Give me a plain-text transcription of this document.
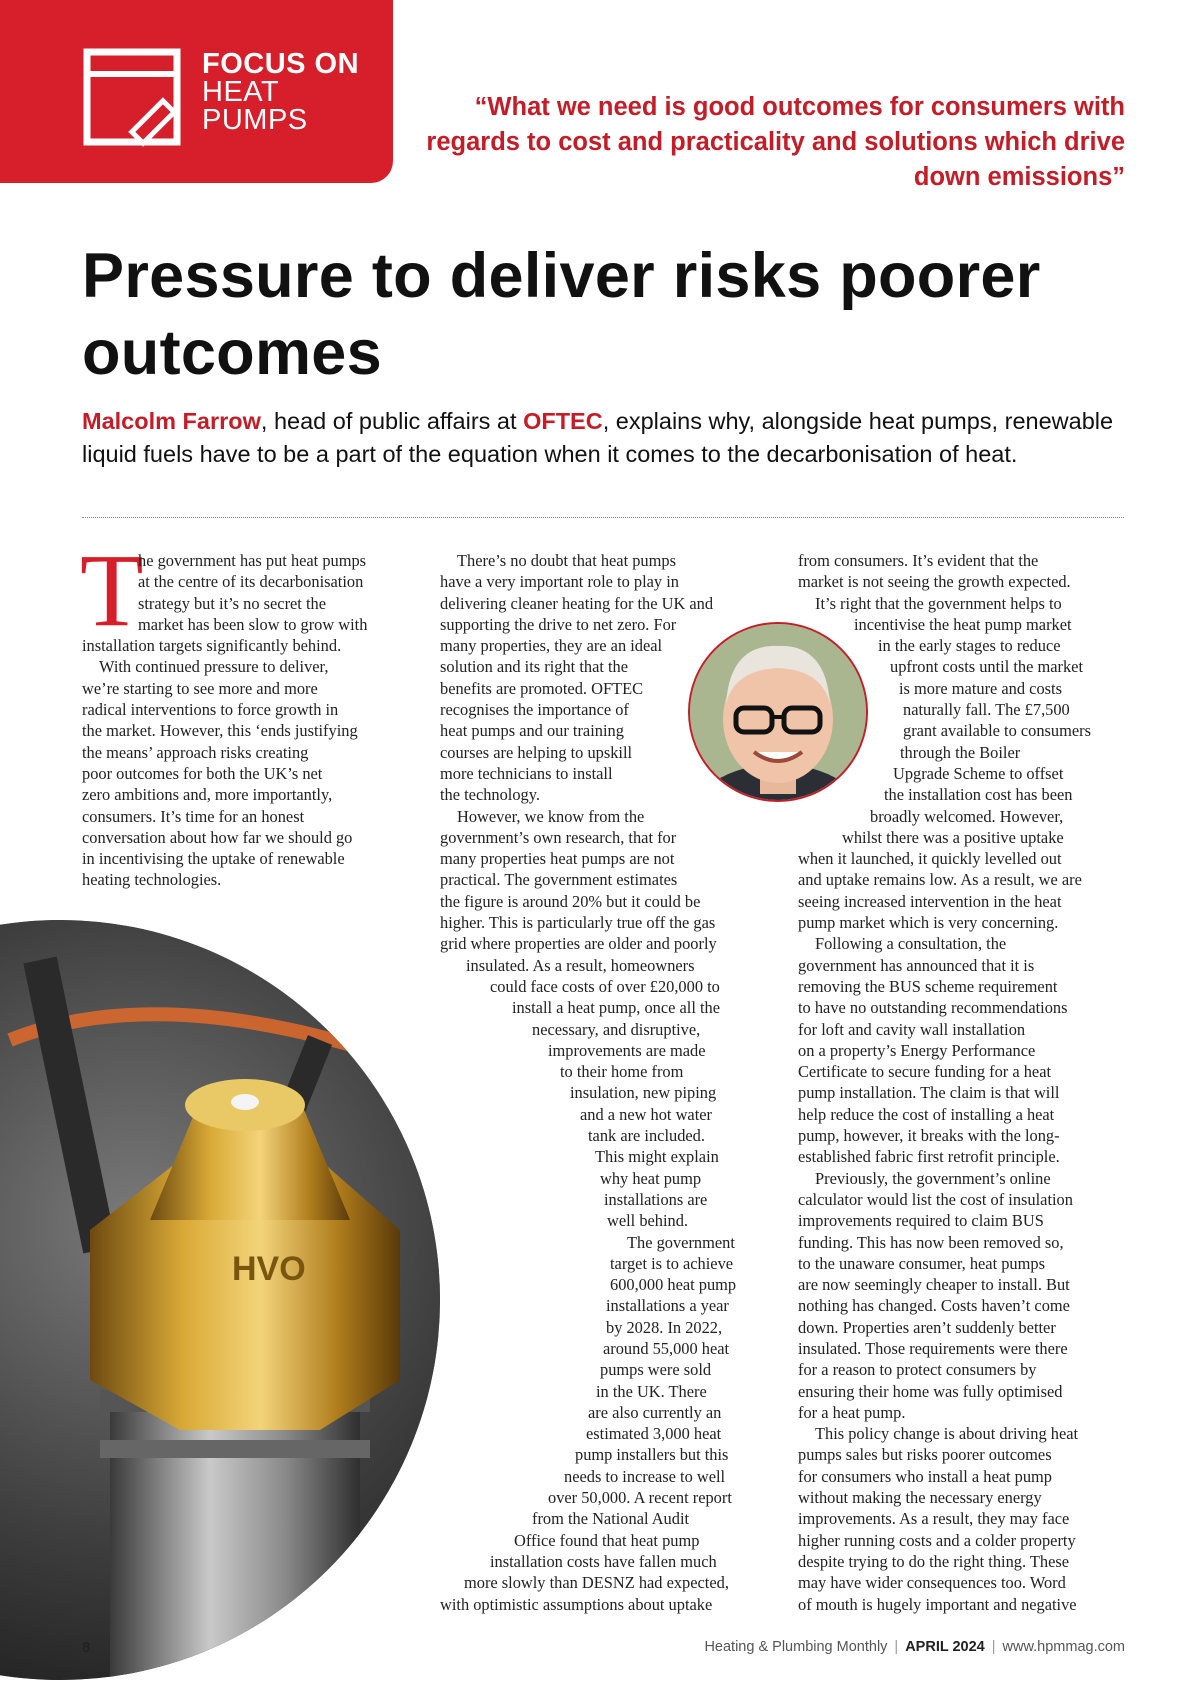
FOCUS ON
HEAT
PUMPS	“What we need is good outcomes for consumers with regards to cost and practicality and solutions which drive down emissions”
Pressure to deliver risks poorer outcomes

Malcolm Farrow, head of public affairs at OFTEC, explains why, alongside heat pumps, renewable liquid fuels have to be a part of the equation when it comes to the decarbonisation of heat.

HVO
T
he government has put heat pumps
at the centre of its decarbonisation
strategy but it’s no secret the
market has been slow to grow with
installation targets significantly behind.
With continued pressure to deliver,
we’re starting to see more and more
radical interventions to force growth in
the market. However, this ‘ends justifying
the means’ approach risks creating
poor outcomes for both the UK’s net
zero ambitions and, more importantly,
consumers. It’s time for an honest
conversation about how far we should go
in incentivising the uptake of renewable
heating technologies.
There’s no doubt that heat pumps
have a very important role to play in
delivering cleaner heating for the UK and
supporting the drive to net zero. For
many properties, they are an ideal
solution and its right that the
benefits are promoted. OFTEC
recognises the importance of
heat pumps and our training
courses are helping to upskill
more technicians to install
the technology.
However, we know from the
government’s own research, that for
many properties heat pumps are not
practical. The government estimates
the figure is around 20% but it could be
higher. This is particularly true off the gas
grid where properties are older and poorly
insulated. As a result, homeowners
could face costs of over £20,000 to
install a heat pump, once all the
necessary, and disruptive,
improvements are made
to their home from
insulation, new piping
and a new hot water
tank are included.
This might explain
why heat pump
installations are
well behind.
The government
target is to achieve
600,000 heat pump
installations a year
by 2028. In 2022,
around 55,000 heat
pumps were sold
in the UK. There
are also currently an
estimated 3,000 heat
pump installers but this
needs to increase to well
over 50,000. A recent report
from the National Audit
Office found that heat pump
installation costs have fallen much
more slowly than DESNZ had expected,
with optimistic assumptions about uptake
from consumers. It’s evident that the
market is not seeing the growth expected.
It’s right that the government helps to
incentivise the heat pump market
in the early stages to reduce
upfront costs until the market
is more mature and costs
naturally fall. The £7,500
grant available to consumers
through the Boiler
Upgrade Scheme to offset
the installation cost has been
broadly welcomed. However,
whilst there was a positive uptake
when it launched, it quickly levelled out
and uptake remains low. As a result, we are
seeing increased intervention in the heat
pump market which is very concerning.
Following a consultation, the
government has announced that it is
removing the BUS scheme requirement
to have no outstanding recommendations
for loft and cavity wall installation
on a property’s Energy Performance
Certificate to secure funding for a heat
pump installation. The claim is that will
help reduce the cost of installing a heat
pump, however, it breaks with the long-
established fabric first retrofit principle.
Previously, the government’s online
calculator would list the cost of insulation
improvements required to claim BUS
funding. This has now been removed so,
to the unaware consumer, heat pumps
are now seemingly cheaper to install. But
nothing has changed. Costs haven’t come
down. Properties aren’t suddenly better
insulated. Those requirements were there
for a reason to protect consumers by
ensuring their home was fully optimised
for a heat pump.
This policy change is about driving heat
pumps sales but risks poorer outcomes
for consumers who install a heat pump
without making the necessary energy
improvements. As a result, they may face
higher running costs and a colder property
despite trying to do the right thing. These
may have wider consequences too. Word
of mouth is hugely important and negative
8	Heating & Plumbing Monthly | APRIL 2024 | www.hpmmag.com
